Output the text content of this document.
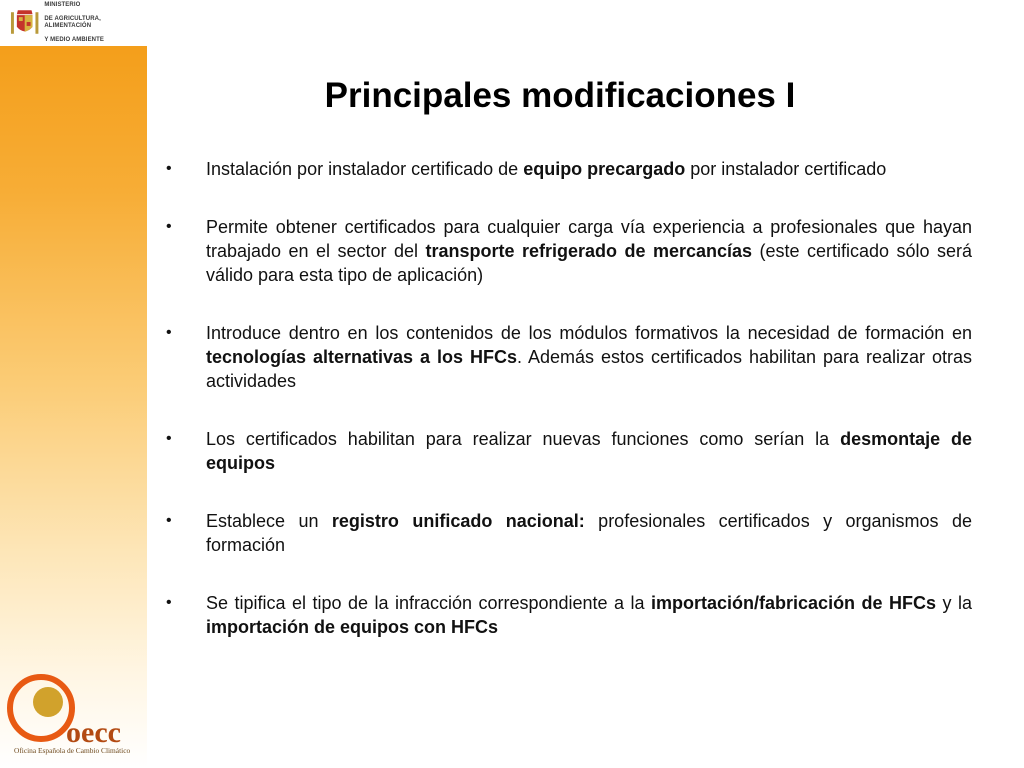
MINISTERIO

DE AGRICULTURA, ALIMENTACIÓN

Y MEDIO AMBIENTE

oecc
Oficina Española de Cambio Climático
Principales modificaciones I
• Instalación por instalador certificado de equipo precargado por instalador certificado
• Permite obtener certificados para cualquier carga vía experiencia a profesionales que hayan trabajado en el sector del transporte refrigerado de mercancías (este certificado sólo será válido para esta tipo de aplicación)
• Introduce dentro en los contenidos de los módulos formativos la necesidad de formación en tecnologías alternativas a los HFCs. Además estos certificados habilitan para realizar otras actividades
• Los certificados habilitan para realizar nuevas funciones como serían la desmontaje de equipos
• Establece un registro unificado nacional: profesionales certificados y organismos de formación
• Se tipifica el tipo de la infracción correspondiente a la importación/fabricación de HFCs y la importación de equipos con HFCs
